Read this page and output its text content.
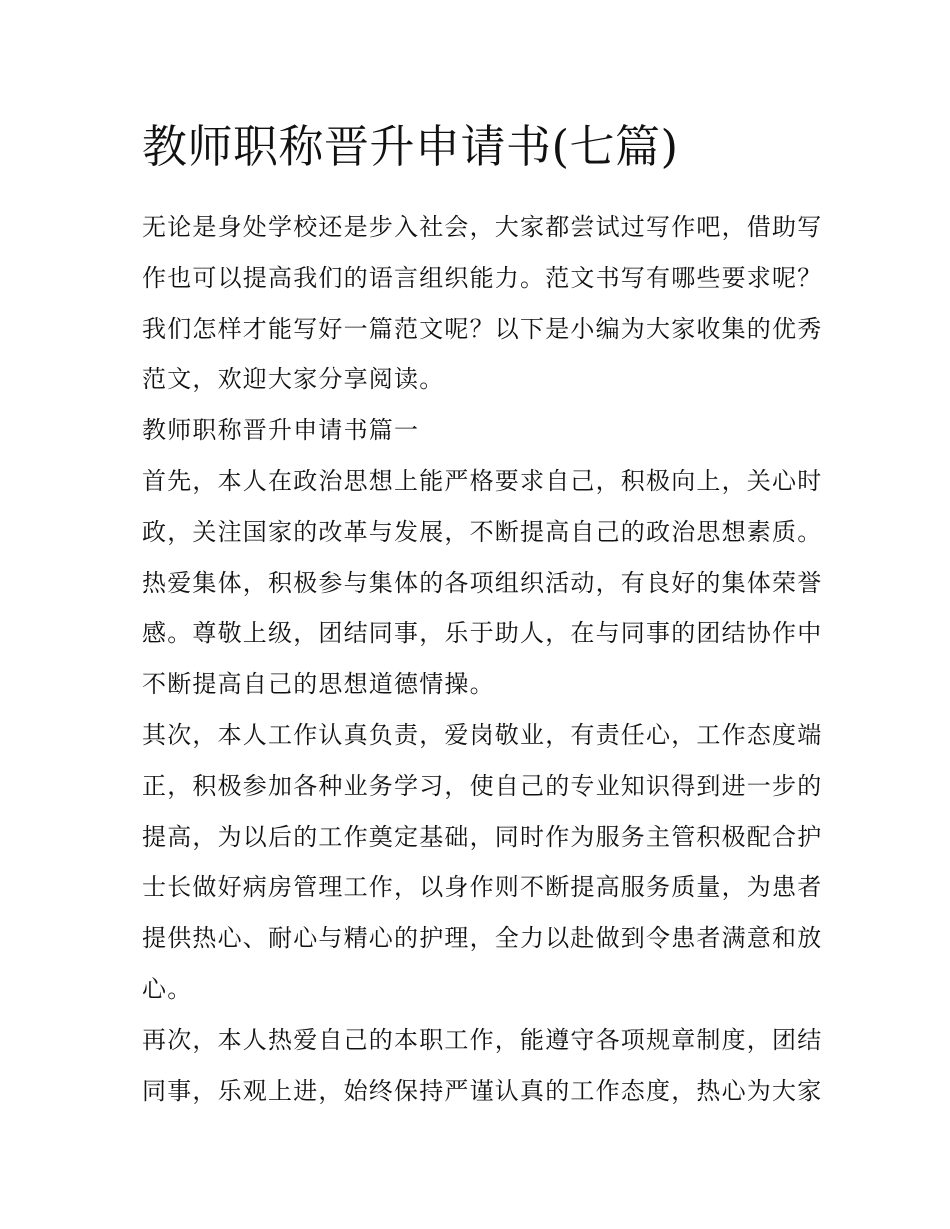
教师职称晋升申请书(七篇)
无论是身处学校还是步入社会，大家都尝试过写作吧，借助写
作也可以提高我们的语言组织能力。范文书写有哪些要求呢？
我们怎样才能写好一篇范文呢？以下是小编为大家收集的优秀
范文，欢迎大家分享阅读。
教师职称晋升申请书篇一
首先，本人在政治思想上能严格要求自己，积极向上，关心时
政，关注国家的改革与发展，不断提高自己的政治思想素质。
热爱集体，积极参与集体的各项组织活动，有良好的集体荣誉
感。尊敬上级，团结同事，乐于助人，在与同事的团结协作中
不断提高自己的思想道德情操。
其次，本人工作认真负责，爱岗敬业，有责任心，工作态度端
正，积极参加各种业务学习，使自己的专业知识得到进一步的
提高，为以后的工作奠定基础，同时作为服务主管积极配合护
士长做好病房管理工作，以身作则不断提高服务质量，为患者
提供热心、耐心与精心的护理，全力以赴做到令患者满意和放
心。
再次，本人热爱自己的本职工作，能遵守各项规章制度，团结
同事，乐观上进，始终保持严谨认真的工作态度，热心为大家
